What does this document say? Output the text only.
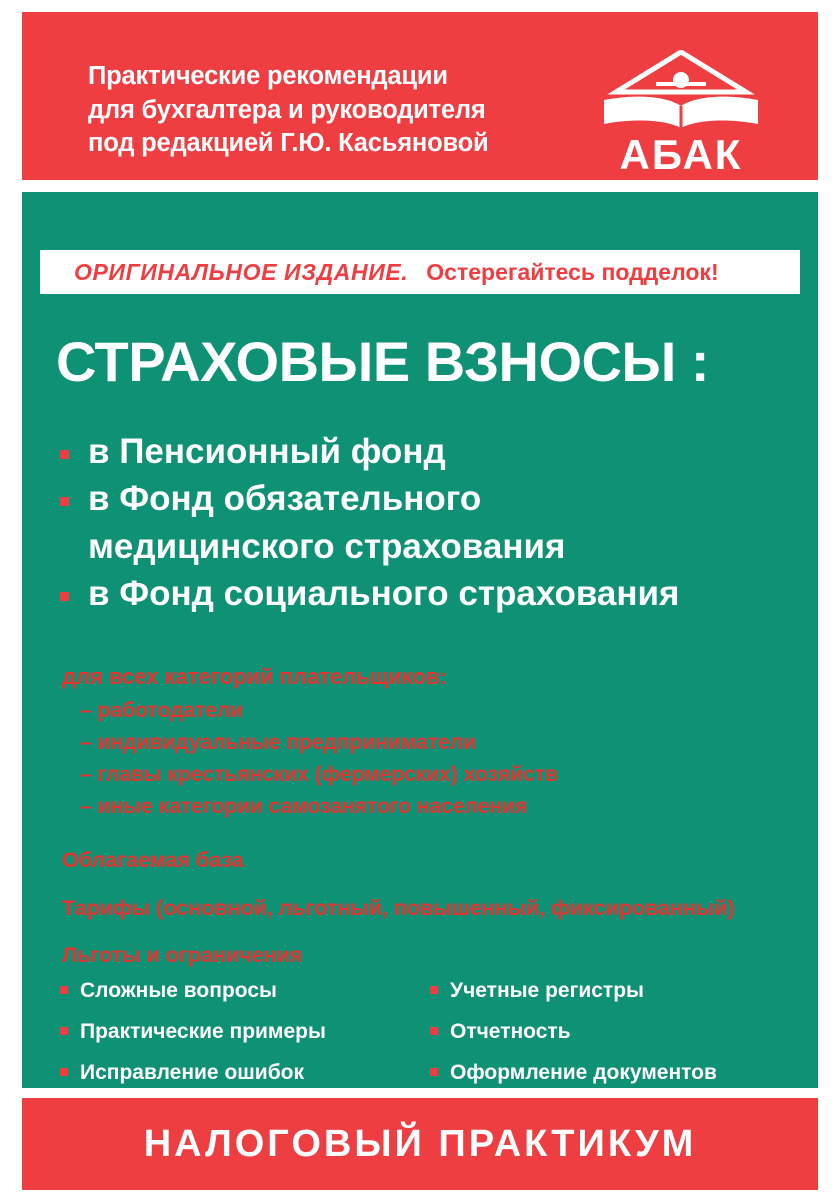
Практические рекомендации
для бухгалтера и руководителя
под редакцией Г.Ю. Касьяновой	АБАК
ОРИГИНАЛЬНОЕ ИЗДАНИЕ. Остерегайтесь подделок!
СТРАХОВЫЕ ВЗНОСЫ :
в Пенсионный фонд
в Фонд обязательного
медицинского страхования
в Фонд социального страхования
для всех категорий плательщиков:
– работодатели
– индивидуальные предприниматели
– главы крестьянских (фермерских) хозяйств
– иные категории самозанятого населения
Облагаемая база
Тарифы (основной, льготный, повышенный, фиксированный)
Льготы и ограничения
Сложные вопросы
Практические примеры
Исправление ошибок
Учетные регистры
Отчетность
Оформление документов
НАЛОГОВЫЙ ПРАКТИКУМ
